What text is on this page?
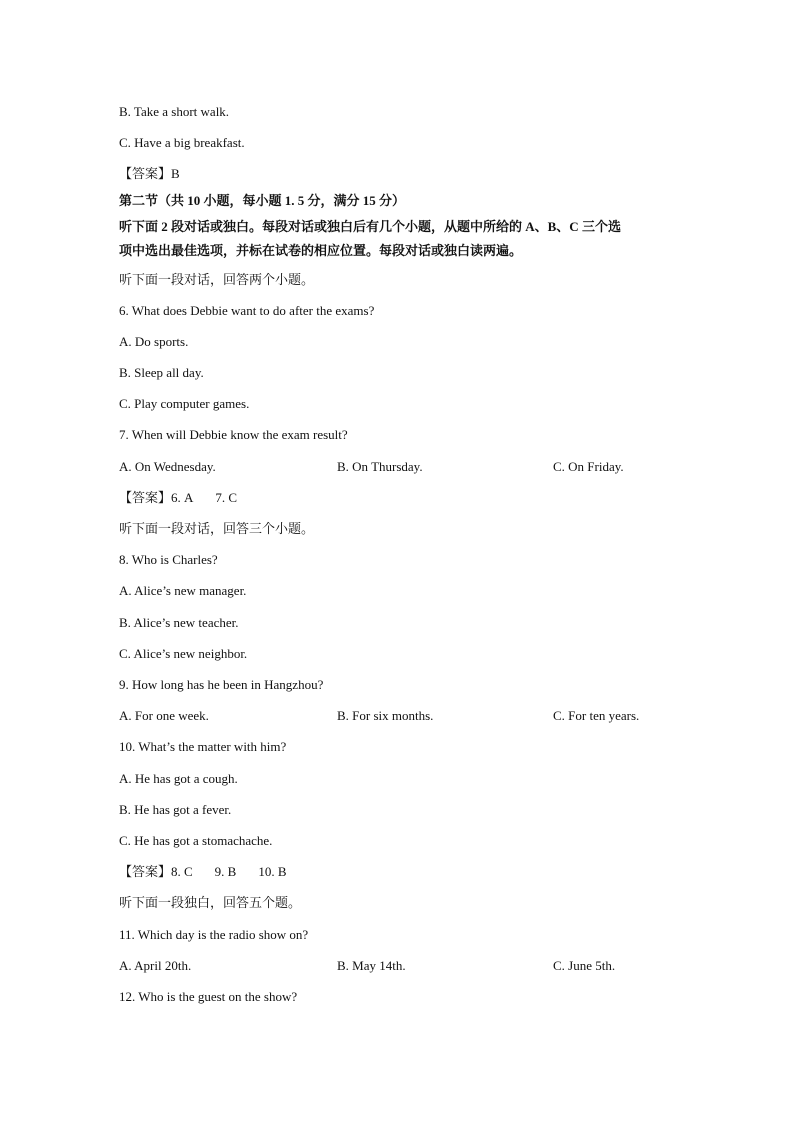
B. Take a short walk.
C. Have a big breakfast.
【答案】B
第二节（共 10 小题，每小题 1. 5 分，满分 15 分）
听下面 2 段对话或独白。每段对话或独白后有几个小题，从题中所给的 A、B、C 三个选
项中选出最佳选项，并标在试卷的相应位置。每段对话或独白读两遍。
听下面一段对话，回答两个小题。
6. What does Debbie want to do after the exams?
A. Do sports.
B. Sleep all day.
C. Play computer games.
7. When will Debbie know the exam result?
A. On Wednesday.	B. On Thursday.	C. On Friday.
【答案】6. A 7. C
听下面一段对话，回答三个小题。
8. Who is Charles?
A. Alice’s new manager.
B. Alice’s new teacher.
C. Alice’s new neighbor.
9. How long has he been in Hangzhou?
A. For one week.	B. For six months.	C. For ten years.
10. What’s the matter with him?
A. He has got a cough.
B. He has got a fever.
C. He has got a stomachache.
【答案】8. C 9. B 10. B
听下面一段独白，回答五个题。
11. Which day is the radio show on?
A. April 20th.	B. May 14th.	C. June 5th.
12. Who is the guest on the show?
